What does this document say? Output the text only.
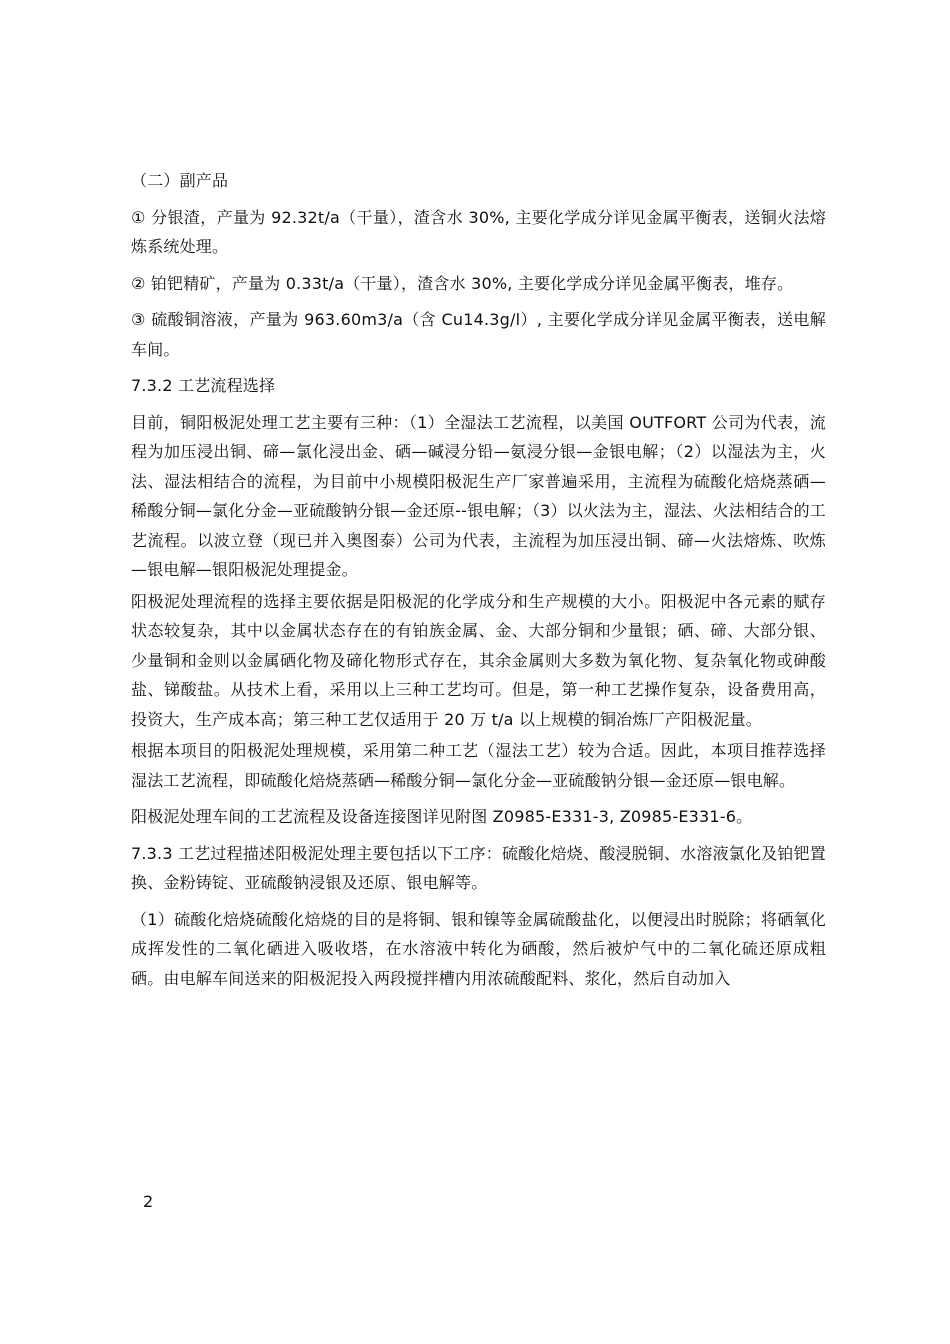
（二）副产品

① 分银渣，产量为 92.32t/a（干量），渣含水 30%, 主要化学成分详见金属平衡表，送铜火法熔炼系统处理。

② 铂钯精矿，产量为 0.33t/a（干量），渣含水 30%, 主要化学成分详见金属平衡表，堆存。

③ 硫酸铜溶液，产量为 963.60m3/a（含 Cu14.3g/l）, 主要化学成分详见金属平衡表，送电解车间。

7.3.2 工艺流程选择

目前，铜阳极泥处理工艺主要有三种：（1）全湿法工艺流程，以美国 OUTFORT 公司为代表，流程为加压浸出铜、碲—氯化浸出金、硒—碱浸分铅—氨浸分银—金银电解；（2）以湿法为主，火法、湿法相结合的流程，为目前中小规模阳极泥生产厂家普遍采用，主流程为硫酸化焙烧蒸硒—稀酸分铜—氯化分金—亚硫酸钠分银—金还原--银电解；（3）以火法为主，湿法、火法相结合的工艺流程。以波立登（现已并入奥图泰）公司为代表，主流程为加压浸出铜、碲—火法熔炼、吹炼—银电解—银阳极泥处理提金。

阳极泥处理流程的选择主要依据是阳极泥的化学成分和生产规模的大小。阳极泥中各元素的赋存状态较复杂，其中以金属状态存在的有铂族金属、金、大部分铜和少量银；硒、碲、大部分银、少量铜和金则以金属硒化物及碲化物形式存在，其余金属则大多数为氧化物、复杂氧化物或砷酸盐、锑酸盐。从技术上看，采用以上三种工艺均可。但是，第一种工艺操作复杂，设备费用高，投资大，生产成本高；第三种工艺仅适用于 20 万 t/a 以上规模的铜冶炼厂产阳极泥量。

根据本项目的阳极泥处理规模，采用第二种工艺（湿法工艺）较为合适。因此，本项目推荐选择湿法工艺流程，即硫酸化焙烧蒸硒—稀酸分铜—氯化分金—亚硫酸钠分银—金还原—银电解。

阳极泥处理车间的工艺流程及设备连接图详见附图 Z0985-E331-3, Z0985-E331-6。

7.3.3 工艺过程描述阳极泥处理主要包括以下工序：硫酸化焙烧、酸浸脱铜、水溶液氯化及铂钯置换、金粉铸锭、亚硫酸钠浸银及还原、银电解等。

（1）硫酸化焙烧硫酸化焙烧的目的是将铜、银和镍等金属硫酸盐化，以便浸出时脱除；将硒氧化成挥发性的二氧化硒进入吸收塔，在水溶液中转化为硒酸，然后被炉气中的二氧化硫还原成粗硒。由电解车间送来的阳极泥投入两段搅拌槽内用浓硫酸配料、浆化，然后自动加入

2
